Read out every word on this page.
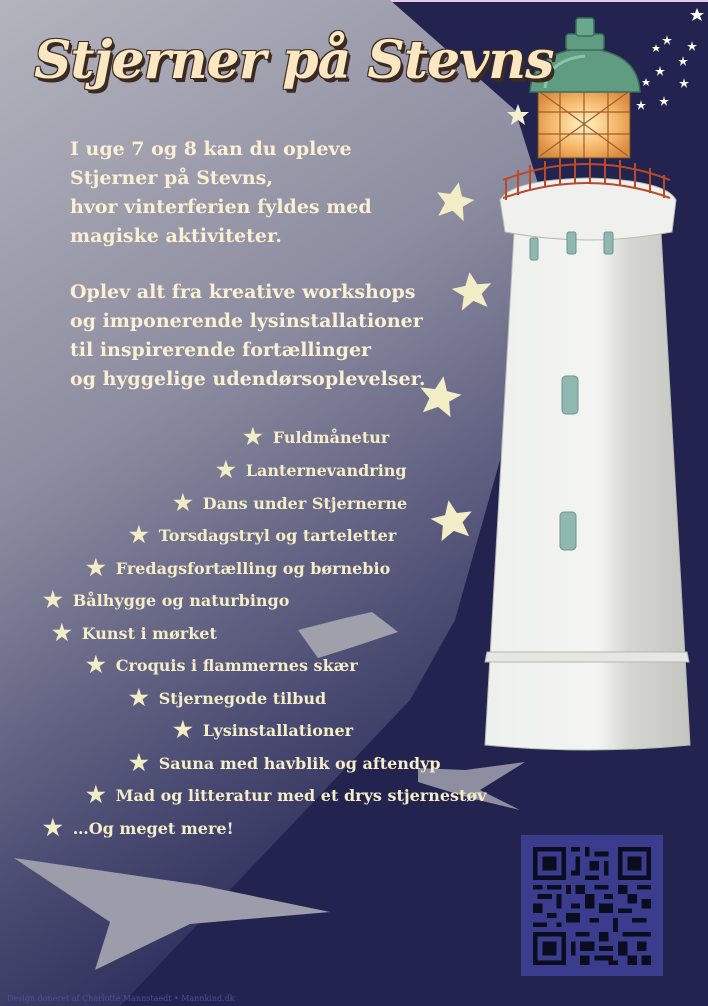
Stjerner på Stevns

I uge 7 og 8 kan du opleve
Stjerner på Stevns,
hvor vinterferien fyldes med
magiske aktiviteter.

Oplev alt fra kreative workshops
og imponerende lysinstallationer
til inspirerende fortællinger
og hyggelige udendørsoplevelser.

★ Fuldmånetur
★ Lanternevandring
★ Dans under Stjernerne
★ Torsdagstryl og tarteletter
★ Fredagsfortælling og børnebio
★ Bålhygge og naturbingo
★ Kunst i mørket
★ Croquis i flammernes skær
★ Stjernegode tilbud
★ Lysinstallationer
★ Sauna med havblik og aftendyp
★ Mad og litteratur med et drys stjernestøv
★ …Og meget mere!
Design doneret af Charlotte Mannstaedt • Mannkind.dk
